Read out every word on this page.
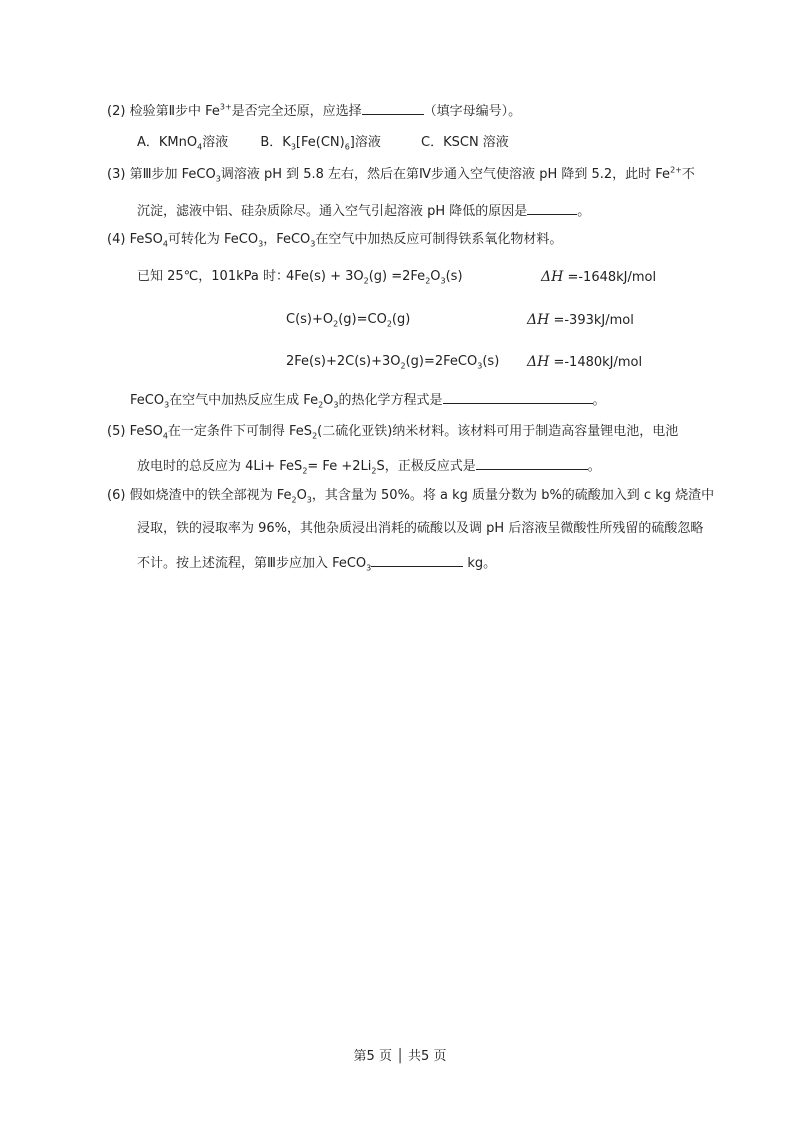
(2) 检验第Ⅱ步中 $Fe^{3+}$是否完全还原，应选择	（填字母编号）。
A．KMnO$_4$溶液 B．$K_3[Fe(CN)_6]$溶液	C．KSCN 溶液
(3) 第Ⅲ步加 FeCO$_3$调溶液 pH 到 5.8 左右，然后在第Ⅳ步通入空气使溶液 pH 降到 5.2，此时 $Fe^{2+}$不
沉淀，滤液中铝、硅杂质除尽。通入空气引起溶液 pH 降低的原因是	。
(4) FeSO$_4$可转化为 FeCO$_3$，FeCO$_3$在空气中加热反应可制得铁系氧化物材料。
已知 25℃，101kPa 时：
$4Fe(s) + 3O_2(g) =2Fe_2O_3(s)$	ΔH =-1648kJ/mol
$C(s)+O_2(g)=CO_2(g)$	ΔH =-393kJ/mol
$2Fe(s)+2C(s)+3O_2(g)=2FeCO_3(s)$ ΔH =-1480kJ/mol
FeCO$_3$在空气中加热反应生成 $Fe_2O_3$的热化学方程式是	。
(5) FeSO$_4$在一定条件下可制得 FeS$_2$(二硫化亚铁)纳米材料。该材料可用于制造高容量锂电池，电池
放电时的总反应为 $4Li+ FeS_2= Fe +2Li_2S$，正极反应式是	。
(6) 假如烧渣中的铁全部视为 $Fe_2O_3$，其含量为 50%。将 a kg 质量分数为 b%的硫酸加入到 c kg 烧渣中
浸取，铁的浸取率为 96%，其他杂质浸出消耗的硫酸以及调 pH 后溶液呈微酸性所残留的硫酸忽略
不计。按上述流程，第Ⅲ步应加入 FeCO$_3$	kg。
第5 页 │ 共5 页
